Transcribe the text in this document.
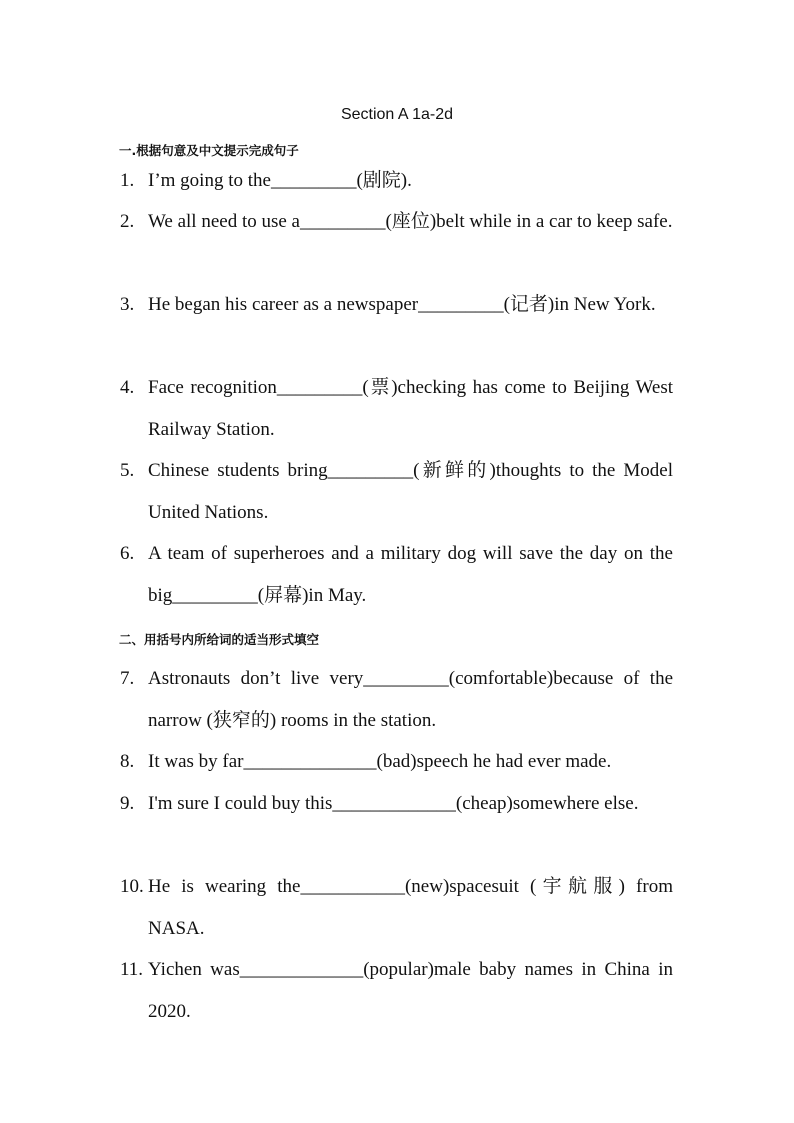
Section A 1a-2d
一.根据句意及中文提示完成句子
1. I’m going to the_________(剧院).
2. We all need to use a_________(座位)belt while in a car to keep safe.
3. He began his career as a newspaper_________(记者)in New York.
4. Face recognition_________(票)checking has come to Beijing West Railway Station.
5. Chinese students bring_________(新鲜的)thoughts to the Model United Nations.
6. A team of superheroes and a military dog will save the day on the big_________(屏幕)in May.
二、用括号内所给词的适当形式填空
7. Astronauts don’t live very_________(comfortable)because of the narrow (狭窄的) rooms in the station.
8. It was by far______________(bad)speech he had ever made.
9. I'm sure I could buy this_____________(cheap)somewhere else.
10. He is wearing the___________(new)spacesuit (宇航服) from NASA.
11. Yichen was_____________(popular)male baby names in China in 2020.
